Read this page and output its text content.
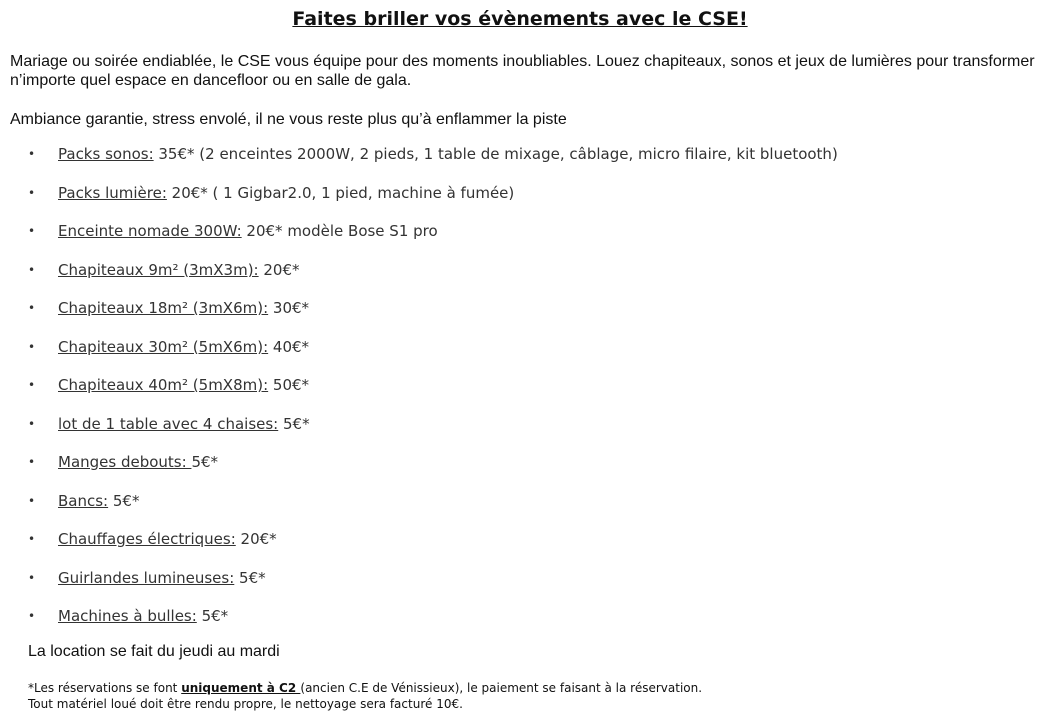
Faites briller vos évènements avec le CSE!

Mariage ou soirée endiablée, le CSE vous équipe pour des moments inoubliables. Louez chapiteaux, sonos et jeux de lumières pour transformer n’importe quel espace en dancefloor ou en salle de gala.

Ambiance garantie, stress envolé, il ne vous reste plus qu’à enflammer la piste

• Packs sonos: 35€* (2 enceintes 2000W, 2 pieds, 1 table de mixage, câblage, micro filaire, kit bluetooth)
• Packs lumière: 20€* ( 1 Gigbar2.0, 1 pied, machine à fumée)
• Enceinte nomade 300W: 20€* modèle Bose S1 pro
• Chapiteaux 9m² (3mX3m): 20€*
• Chapiteaux 18m² (3mX6m): 30€*
• Chapiteaux 30m² (5mX6m): 40€*
• Chapiteaux 40m² (5mX8m): 50€*
• lot de 1 table avec 4 chaises: 5€*
• Manges debouts: 5€*
• Bancs: 5€*
• Chauffages électriques: 20€*
• Guirlandes lumineuses: 5€*
• Machines à bulles: 5€*

La location se fait du jeudi au mardi

*Les réservations se font uniquement à C2 (ancien C.E de Vénissieux), le paiement se faisant à la réservation.
Tout matériel loué doit être rendu propre, le nettoyage sera facturé 10€.
